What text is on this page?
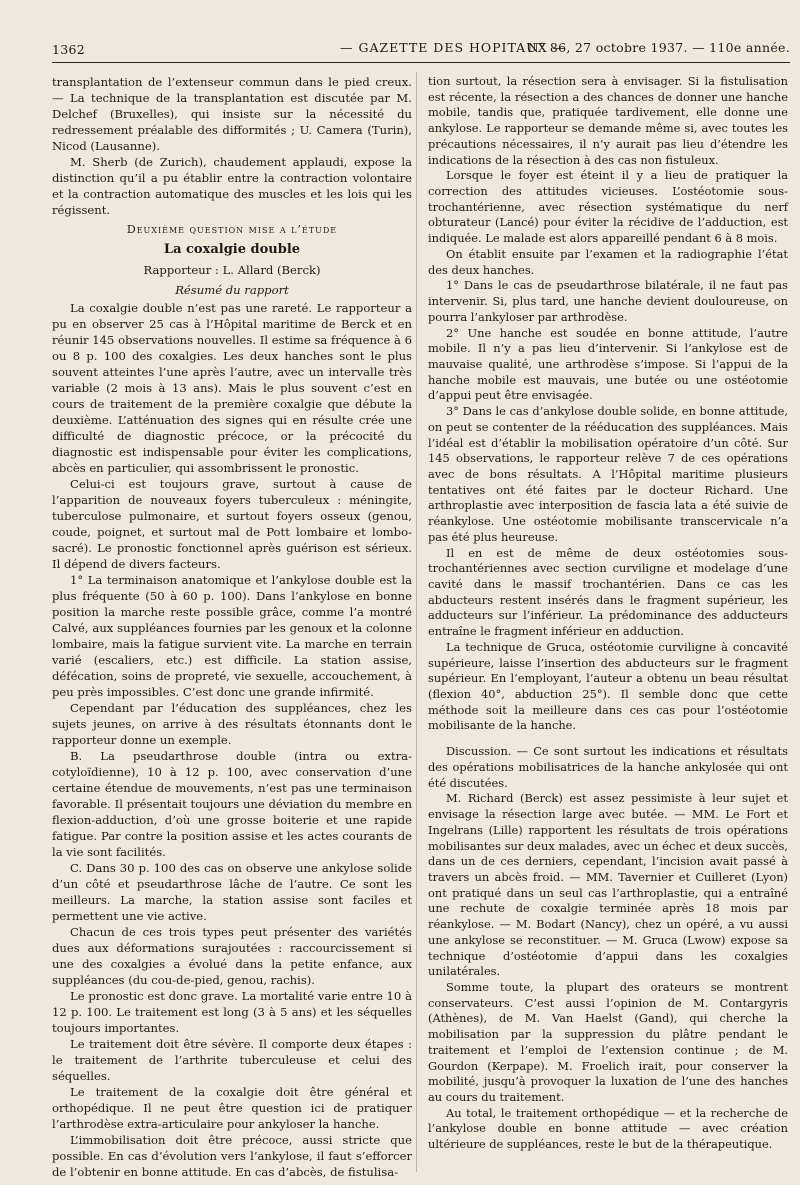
1362	— GAZETTE DES HOPITAUX —
N° 86, 27 octobre 1937. — 110e année.

transplantation de l’extenseur commun dans le pied creux. — La technique de la transplantation est discutée par M. Delchef (Bruxelles), qui insiste sur la nécessité du redressement préalable des difformités ; U. Camera (Turin), Nicod (Lausanne).

M. Sherb (de Zurich), chaudement applaudi, expose la distinction qu’il a pu établir entre la contraction volontaire et la contraction automatique des muscles et les lois qui les régissent.

Deuxième question mise a l’étude
La coxalgie double
Rapporteur : L. Allard (Berck)
Résumé du rapport

La coxalgie double n’est pas une rareté. Le rapporteur a pu en observer 25 cas à l’Hôpital maritime de Berck et en réunir 145 observations nouvelles. Il estime sa fréquence à 6 ou 8 p. 100 des coxalgies. Les deux hanches sont le plus souvent atteintes l’une après l’autre, avec un intervalle très variable (2 mois à 13 ans). Mais le plus souvent c’est en cours de traitement de la première coxalgie que débute la deuxième. L’atténuation des signes qui en résulte crée une difficulté de diagnostic précoce, or la précocité du diagnostic est indispensable pour éviter les complications, abcès en particulier, qui assombrissent le pronostic.

Celui-ci est toujours grave, surtout à cause de l’apparition de nouveaux foyers tuberculeux : méningite, tuberculose pulmonaire, et surtout foyers osseux (genou, coude, poignet, et surtout mal de Pott lombaire et lombo-sacré). Le pronostic fonctionnel après guérison est sérieux. Il dépend de divers facteurs.

1° La terminaison anatomique et l’ankylose double est la plus fréquente (50 à 60 p. 100). Dans l’ankylose en bonne position la marche reste possible grâce, comme l’a montré Calvé, aux suppléances fournies par les genoux et la colonne lombaire, mais la fatigue survient vite. La marche en terrain varié (escaliers, etc.) est difficile. La station assise, défécation, soins de propreté, vie sexuelle, accouchement, à peu près impossibles. C’est donc une grande infirmité.

Cependant par l’éducation des suppléances, chez les sujets jeunes, on arrive à des résultats étonnants dont le rapporteur donne un exemple.

B. La pseudarthrose double (intra ou extra-cotyloïdienne), 10 à 12 p. 100, avec conservation d’une certaine étendue de mouvements, n’est pas une terminaison favorable. Il présentait toujours une déviation du membre en flexion-adduction, d’où une grosse boiterie et une rapide fatigue. Par contre la position assise et les actes courants de la vie sont facilités.

C. Dans 30 p. 100 des cas on observe une ankylose solide d’un côté et pseudarthrose lâche de l’autre. Ce sont les meilleurs. La marche, la station assise sont faciles et permettent une vie active.

Chacun de ces trois types peut présenter des variétés dues aux déformations surajoutées : raccourcissement si une des coxalgies a évolué dans la petite enfance, aux suppléances (du cou-de-pied, genou, rachis).

Le pronostic est donc grave. La mortalité varie entre 10 à 12 p. 100. Le traitement est long (3 à 5 ans) et les séquelles toujours importantes.

Le traitement doit être sévère. Il comporte deux étapes : le traitement de l’arthrite tuberculeuse et celui des séquelles.

Le traitement de la coxalgie doit être général et orthopédique. Il ne peut être question ici de pratiquer l’arthrodèse extra-articulaire pour ankyloser la hanche.

L’immobilisation doit être précoce, aussi stricte que possible. En cas d’évolution vers l’ankylose, il faut s’efforcer de l’obtenir en bonne attitude. En cas d’abcès, de fistulisa-

tion surtout, la résection sera à envisager. Si la fistulisation est récente, la résection a des chances de donner une hanche mobile, tandis que, pratiquée tardivement, elle donne une ankylose. Le rapporteur se demande même si, avec toutes les précautions nécessaires, il n’y aurait pas lieu d’étendre les indications de la résection à des cas non fistuleux.

Lorsque le foyer est éteint il y a lieu de pratiquer la correction des attitudes vicieuses. L’ostéotomie sous-trochantérienne, avec résection systématique du nerf obturateur (Lancé) pour éviter la récidive de l’adduction, est indiquée. Le malade est alors appareillé pendant 6 à 8 mois.

On établit ensuite par l’examen et la radiographie l’état des deux hanches.

1° Dans le cas de pseudarthrose bilatérale, il ne faut pas intervenir. Si, plus tard, une hanche devient douloureuse, on pourra l’ankyloser par arthrodèse.

2° Une hanche est soudée en bonne attitude, l’autre mobile. Il n’y a pas lieu d’intervenir. Si l’ankylose est de mauvaise qualité, une arthrodèse s’impose. Si l’appui de la hanche mobile est mauvais, une butée ou une ostéotomie d’appui peut être envisagée.

3° Dans le cas d’ankylose double solide, en bonne attitude, on peut se contenter de la rééducation des suppléances. Mais l’idéal est d’établir la mobilisation opératoire d’un côté. Sur 145 observations, le rapporteur relève 7 de ces opérations avec de bons résultats. A l’Hôpital maritime plusieurs tentatives ont été faites par le docteur Richard. Une arthroplastie avec interposition de fascia lata a été suivie de réankylose. Une ostéotomie mobilisante transcervicale n’a pas été plus heureuse.

Il en est de même de deux ostéotomies sous-trochantériennes avec section curviligne et modelage d’une cavité dans le massif trochantérien. Dans ce cas les abducteurs restent insérés dans le fragment supérieur, les adducteurs sur l’inférieur. La prédominance des adducteurs entraîne le fragment inférieur en adduction.

La technique de Gruca, ostéotomie curviligne à concavité supérieure, laisse l’insertion des abducteurs sur le fragment supérieur. En l’employant, l’auteur a obtenu un beau résultat (flexion 40°, abduction 25°). Il semble donc que cette méthode soit la meilleure dans ces cas pour l’ostéotomie mobilisante de la hanche.

Discussion. — Ce sont surtout les indications et résultats des opérations mobilisatrices de la hanche ankylosée qui ont été discutées.

M. Richard (Berck) est assez pessimiste à leur sujet et envisage la résection large avec butée. — MM. Le Fort et Ingelrans (Lille) rapportent les résultats de trois opérations mobilisantes sur deux malades, avec un échec et deux succès, dans un de ces derniers, cependant, l’incision avait passé à travers un abcès froid. — MM. Tavernier et Cuilleret (Lyon) ont pratiqué dans un seul cas l’arthroplastie, qui a entraîné une rechute de coxalgie terminée après 18 mois par réankylose. — M. Bodart (Nancy), chez un opéré, a vu aussi une ankylose se reconstituer. — M. Gruca (Lwow) expose sa technique d’ostéotomie d’appui dans les coxalgies unilatérales.

Somme toute, la plupart des orateurs se montrent conservateurs. C’est aussi l’opinion de M. Contargyris (Athènes), de M. Van Haelst (Gand), qui cherche la mobilisation par la suppression du plâtre pendant le traitement et l’emploi de l’extension continue ; de M. Gourdon (Kerpape). M. Froelich irait, pour conserver la mobilité, jusqu’à provoquer la luxation de l’une des hanches au cours du traitement.

Au total, le traitement orthopédique — et la recherche de l’ankylose double en bonne attitude — avec création ultérieure de suppléances, reste le but de la thérapeutique.
